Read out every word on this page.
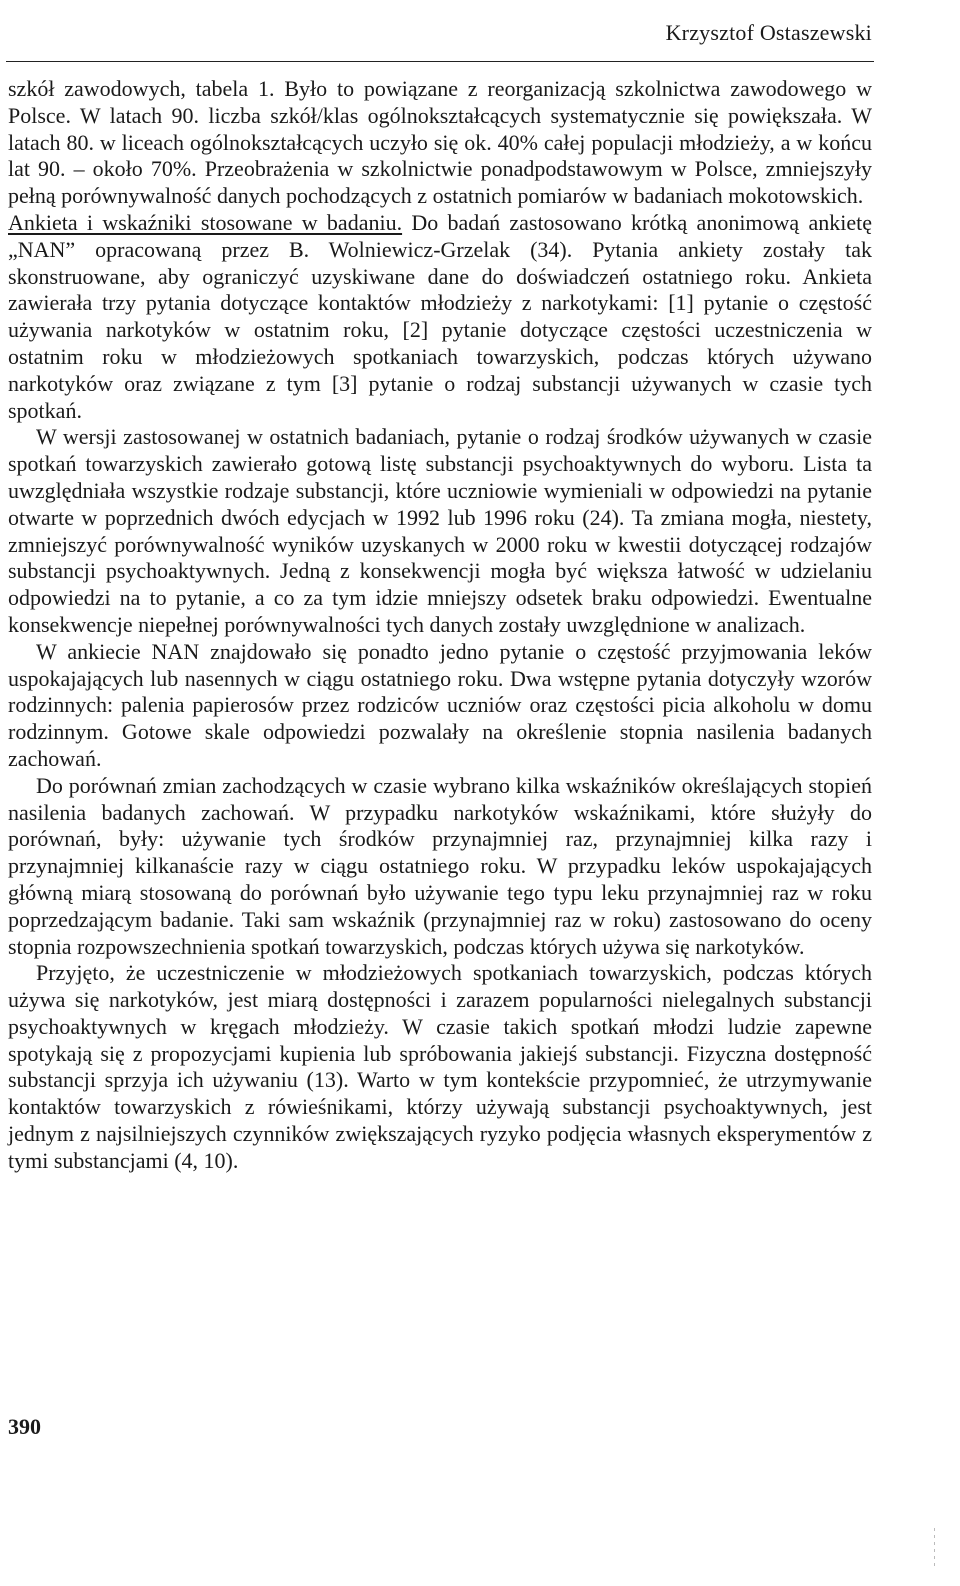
Krzysztof Ostaszewski

szkół zawodowych, tabela 1. Było to powiązane z reorganizacją szkolnictwa zawodowego w Polsce. W latach 90. liczba szkół/klas ogólnokształcących systematycznie się powiększała. W latach 80. w liceach ogólnokształcących uczyło się ok. 40% całej populacji młodzieży, a w końcu lat 90. – około 70%. Przeobrażenia w szkolnictwie ponadpodstawowym w Polsce, zmniejszyły pełną porównywalność danych pochodzących z ostatnich pomiarów w badaniach mokotowskich.

Ankieta i wskaźniki stosowane w badaniu. Do badań zastosowano krótką anonimową ankietę „NAN” opracowaną przez B. Wolniewicz-Grzelak (34). Pytania ankiety zostały tak skonstruowane, aby ograniczyć uzyskiwane dane do doświadczeń ostatniego roku. Ankieta zawierała trzy pytania dotyczące kontaktów młodzieży z narkotykami: [1] pytanie o częstość używania narkotyków w ostatnim roku, [2] pytanie dotyczące częstości uczestniczenia w ostatnim roku w młodzieżowych spotkaniach towarzyskich, podczas których używano narkotyków oraz związane z tym [3] pytanie o rodzaj substancji używanych w czasie tych spotkań.

W wersji zastosowanej w ostatnich badaniach, pytanie o rodzaj środków używanych w czasie spotkań towarzyskich zawierało gotową listę substancji psychoaktywnych do wyboru. Lista ta uwzględniała wszystkie rodzaje substancji, które uczniowie wymieniali w odpowiedzi na pytanie otwarte w poprzednich dwóch edycjach w 1992 lub 1996 roku (24). Ta zmiana mogła, niestety, zmniejszyć porównywalność wyników uzyskanych w 2000 roku w kwestii dotyczącej rodzajów substancji psychoaktywnych. Jedną z konsekwencji mogła być większa łatwość w udzielaniu odpowiedzi na to pytanie, a co za tym idzie mniejszy odsetek braku odpowiedzi. Ewentualne konsekwencje niepełnej porównywalności tych danych zostały uwzględnione w analizach.

W ankiecie NAN znajdowało się ponadto jedno pytanie o częstość przyjmowania leków uspokajających lub nasennych w ciągu ostatniego roku. Dwa wstępne pytania dotyczyły wzorów rodzinnych: palenia papierosów przez rodziców uczniów oraz częstości picia alkoholu w domu rodzinnym. Gotowe skale odpowiedzi pozwalały na określenie stopnia nasilenia badanych zachowań.

Do porównań zmian zachodzących w czasie wybrano kilka wskaźników określających stopień nasilenia badanych zachowań. W przypadku narkotyków wskaźnikami, które służyły do porównań, były: używanie tych środków przynajmniej raz, przynajmniej kilka razy i przynajmniej kilkanaście razy w ciągu ostatniego roku. W przypadku leków uspokajających główną miarą stosowaną do porównań było używanie tego typu leku przynajmniej raz w roku poprzedzającym badanie. Taki sam wskaźnik (przynajmniej raz w roku) zastosowano do oceny stopnia rozpowszechnienia spotkań towarzyskich, podczas których używa się narkotyków.

Przyjęto, że uczestniczenie w młodzieżowych spotkaniach towarzyskich, podczas których używa się narkotyków, jest miarą dostępności i zarazem popularności nielegalnych substancji psychoaktywnych w kręgach młodzieży. W czasie takich spotkań młodzi ludzie zapewne spotykają się z propozycjami kupienia lub spróbowania jakiejś substancji. Fizyczna dostępność substancji sprzyja ich używaniu (13). Warto w tym kontekście przypomnieć, że utrzymywanie kontaktów towarzyskich z rówieśnikami, którzy używają substancji psychoaktywnych, jest jednym z najsilniejszych czynników zwiększających ryzyko podjęcia własnych eksperymentów z tymi substancjami (4, 10).

390
